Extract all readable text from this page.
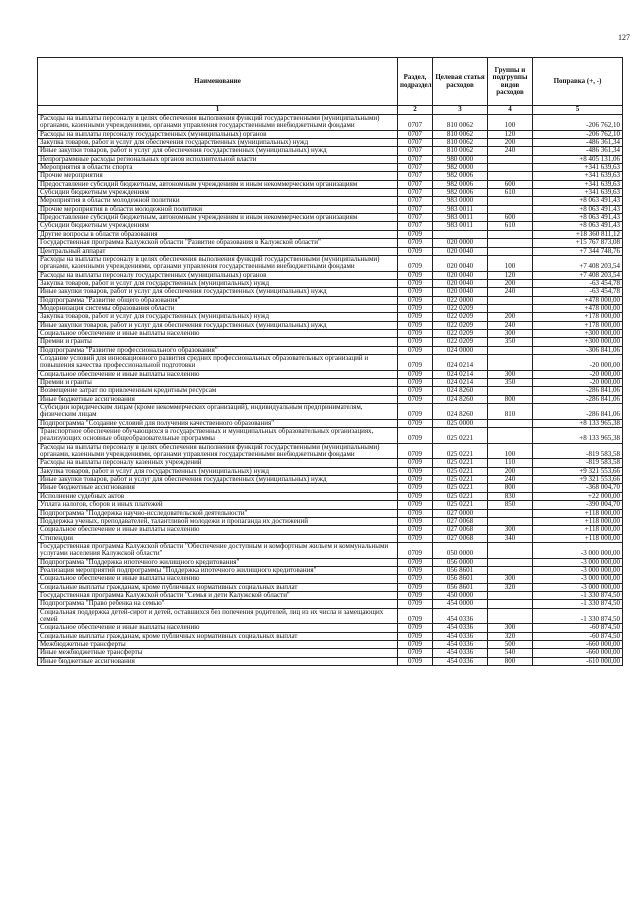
127
Наименование	Раздел, подраздел	Целевая статья расходов	Группы и подгруппы видов расходов	Поправка (+, -)
1	2	3	4	5
Расходы на выплаты персоналу в целях обеспечения выполнения функций государственными (муниципальными) органами, казенными учреждениями, органами управления государственными внебюджетными фондами	0707	810 0062	100	-206 762,10
Расходы на выплаты персоналу государственных (муниципальных) органов	0707	810 0062	120	-206 762,10
Закупка товаров, работ и услуг для обеспечения государственных (муниципальных) нужд	0707	810 0062	200	-486 361,34
Иные закупки товаров, работ и услуг для обеспечения государственных (муниципальных) нужд	0707	810 0062	240	-486 361,34
Непрограммные расходы региональных органов исполнительной власти	0707	980 0000		+8 405 131,06
Мероприятия в области спорта	0707	982 0000		+341 639,63
Прочие мероприятия	0707	982 0006		+341 639,63
Предоставление субсидий бюджетным, автономным учреждениям и иным некоммерческим организациям	0707	982 0006	600	+341 639,63
Субсидии бюджетным учреждениям	0707	982 0006	610	+341 639,63
Мероприятия в области молодежной политики	0707	983 0000		+8 063 491,43
Прочие мероприятия в области молодежной политики	0707	983 0011		+8 063 491,43
Предоставление субсидий бюджетным, автономным учреждениям и иным некоммерческим организациям	0707	983 0011	600	+8 063 491,43
Субсидии бюджетным учреждениям	0707	983 0011	610	+8 063 491,43
Другие вопросы в области образования	0709			+18 360 811,12
Государственная программа Калужской области "Развитие образования в Калужской области"	0709	020 0000		+15 767 873,08
Центральный аппарат	0709	020 0040		+7 344 748,76
Расходы на выплаты персоналу в целях обеспечения выполнения функций государственными (муниципальными) органами, казенными учреждениями, органами управления государственными внебюджетными фондами	0709	020 0040	100	+7 408 203,54
Расходы на выплаты персоналу государственных (муниципальных) органов	0709	020 0040	120	+7 408 203,54
Закупка товаров, работ и услуг для государственных (муниципальных) нужд	0709	020 0040	200	-63 454,78
Иные закупки товаров, работ и услуг для обеспечения государственных (муниципальных) нужд	0709	020 0040	240	-63 454,78
Подпрограмма "Развитие общего образования"	0709	022 0000		+478 000,00
Модернизация системы образования области	0709	022 0209		+478 000,00
Закупка товаров, работ и услуг для государственных (муниципальных) нужд	0709	022 0209	200	+178 000,00
Иные закупки товаров, работ и услуг для обеспечения государственных (муниципальных) нужд	0709	022 0209	240	+178 000,00
Социальное обеспечение и иные выплаты населению	0709	022 0209	300	+300 000,00
Премии и гранты	0709	022 0209	350	+300 000,00
Подпрограмма "Развитие профессионального образования"	0709	024 0000		-306 841,06
Создание условий для инновационного развития средних профессиональных образовательных организаций и повышения качества профессиональной подготовки	0709	024 0214		-20 000,00
Социальное обеспечение и иные выплаты населению	0709	024 0214	300	-20 000,00
Премии и гранты	0709	024 0214	350	-20 000,00
Возмещение затрат по привлеченным кредитным ресурсам	0709	024 8260		-286 841,06
Иные бюджетные ассигнования	0709	024 8260	800	-286 841,06
Субсидии юридическим лицам (кроме некоммерческих организаций), индивидуальным предпринимателям, физическим лицам	0709	024 8260	810	-286 841,06
Подпрограмма "Создание условий для получения качественного образования"	0709	025 0000		+8 133 965,38
Транспортное обеспечение обучающихся в государственных и муниципальных образовательных организациях, реализующих основные общеобразовательные программы	0709	025 0221		+8 133 965,38
Расходы на выплаты персоналу в целях обеспечения выполнения функций государственными (муниципальными) органами, казенными учреждениями, органами управления государственными внебюджетными фондами	0709	025 0221	100	-819 583,58
Расходы на выплаты персоналу казенных учреждений	0709	025 0221	110	-819 583,58
Закупка товаров, работ и услуг для государственных (муниципальных) нужд	0709	025 0221	200	+9 321 553,66
Иные закупки товаров, работ и услуг для обеспечения государственных (муниципальных) нужд	0709	025 0221	240	+9 321 553,66
Иные бюджетные ассигнования	0709	025 0221	800	-368 004,70
Исполнение судебных актов	0709	025 0221	830	+22 000,00
Уплата налогов, сборов и иных платежей	0709	025 0221	850	-390 004,70
Подпрограмма "Поддержка научно-исследовательской деятельности"	0709	027 0000		+118 000,00
Поддержка ученых, преподавателей, талантливой молодежи и пропаганда их достижений	0709	027 0068		+118 000,00
Социальное обеспечение и иные выплаты населению	0709	027 0068	300	+118 000,00
Стипендии	0709	027 0068	340	+118 000,00
Государственная программа Калужской области "Обеспечение доступным и комфортным жильем и коммунальными услугами населения Калужской области"	0709	050 0000		-3 000 000,00
Подпрограмма "Поддержка ипотечного жилищного кредитования"	0709	056 0000		-3 000 000,00
Реализация мероприятий подпрограммы "Поддержка ипотечного жилищного кредитования"	0709	056 8601		-3 000 000,00
Социальное обеспечение и иные выплаты населению	0709	056 8601	300	-3 000 000,00
Социальные выплаты гражданам, кроме публичных нормативных социальных выплат	0709	056 8601	320	-3 000 000,00
Государственная программа Калужской области "Семья и дети Калужской области"	0709	450 0000		-1 330 874,50
Подпрограмма "Право ребенка на семью"	0709	454 0000		-1 330 874,50
Социальная поддержка детей-сирот и детей, оставшихся без попечения родителей, лиц из их числа и замещающих семей	0709	454 0336		-1 330 874,50
Социальное обеспечение и иные выплаты населению	0709	454 0336	300	-60 874,50
Социальные выплаты гражданам, кроме публичных нормативных социальных выплат	0709	454 0336	320	-60 874,50
Межбюджетные трансферты	0709	454 0336	500	-660 000,00
Иные межбюджетные трансферты	0709	454 0336	540	-660 000,00
Иные бюджетные ассигнования	0709	454 0336	800	-610 000,00
